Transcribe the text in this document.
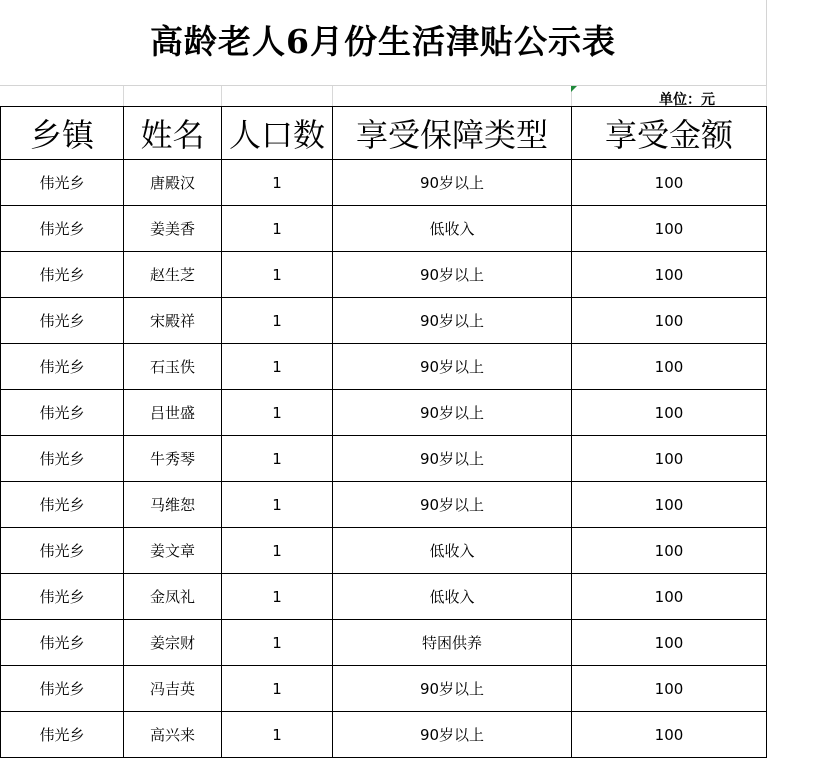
高龄老人6月份生活津贴公示表
单位：元
乡镇	姓名	人口数	享受保障类型	享受金额
伟光乡	唐殿汉	1	90岁以上	100
伟光乡	姜美香	1	低收入	100
伟光乡	赵生芝	1	90岁以上	100
伟光乡	宋殿祥	1	90岁以上	100
伟光乡	石玉佚	1	90岁以上	100
伟光乡	吕世盛	1	90岁以上	100
伟光乡	牛秀琴	1	90岁以上	100
伟光乡	马维恕	1	90岁以上	100
伟光乡	姜文章	1	低收入	100
伟光乡	金凤礼	1	低收入	100
伟光乡	姜宗财	1	特困供养	100
伟光乡	冯吉英	1	90岁以上	100
伟光乡	高兴来	1	90岁以上	100
